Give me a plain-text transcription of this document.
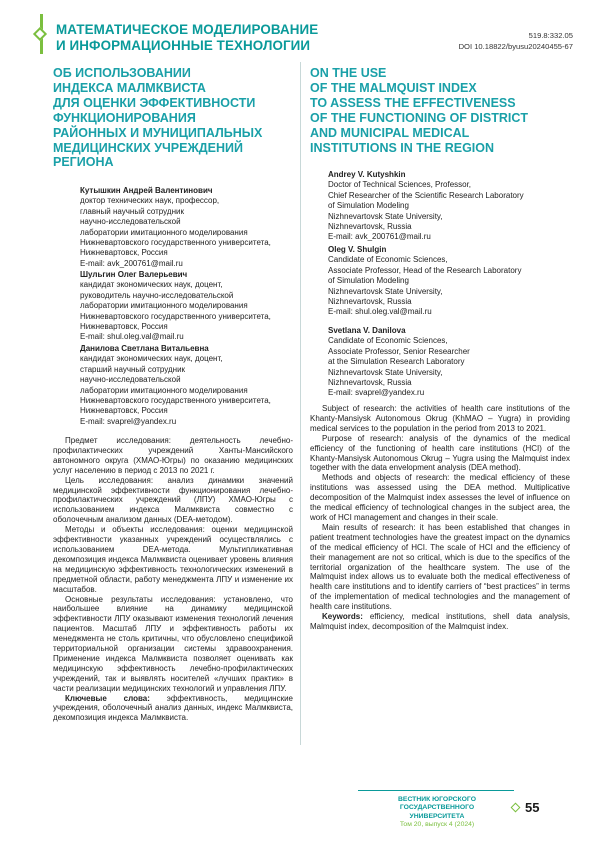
МАТЕМАТИЧЕСКОЕ МОДЕЛИРОВАНИЕ
И ИНФОРМАЦИОННЫЕ ТЕХНОЛОГИИ
519.8:332.05
DOI 10.18822/byusu20240455-67
ОБ ИСПОЛЬЗОВАНИИ
ИНДЕКСА МАЛМКВИСТА
ДЛЯ ОЦЕНКИ ЭФФЕКТИВНОСТИ
ФУНКЦИОНИРОВАНИЯ
РАЙОННЫХ И МУНИЦИПАЛЬНЫХ
МЕДИЦИНСКИХ УЧРЕЖДЕНИЙ
РЕГИОНА
ON THE USE
OF THE MALMQUIST INDEX
TO ASSESS THE EFFECTIVENESS
OF THE FUNCTIONING OF DISTRICT
AND MUNICIPAL MEDICAL
INSTITUTIONS IN THE REGION
Кутышкин Андрей Валентинович
доктор технических наук, профессор,
главный научный сотрудник
научно-исследовательской
лаборатории имитационного моделирования
Нижневартовского государственного университета,
Нижневартовск, Россия
E-mail: avk_200761@mail.ru
Шульгин Олег Валерьевич
кандидат экономических наук, доцент,
руководитель научно-исследовательской
лаборатории имитационного моделирования
Нижневартовского государственного университета,
Нижневартовск, Россия
E-mail: shul.oleg.val@mail.ru
Данилова Светлана Витальевна
кандидат экономических наук, доцент,
старший научный сотрудник
научно-исследовательской
лаборатории имитационного моделирования
Нижневартовского государственного университета,
Нижневартовск, Россия
E-mail: svaprel@yandex.ru
Andrey V. Kutyshkin
Doctor of Technical Sciences, Professor,
Chief Researcher of the Scientific Research Laboratory
of Simulation Modeling
Nizhnevartovsk State University,
Nizhnevartovsk, Russia
E-mail: avk_200761@mail.ru
Oleg V. Shulgin
Candidate of Economic Sciences,
Associate Professor, Head of the Research Laboratory
of Simulation Modeling
Nizhnevartovsk State University,
Nizhnevartovsk, Russia
E-mail: shul.oleg.val@mail.ru
Svetlana V. Danilova
Candidate of Economic Sciences,
Associate Professor, Senior Researcher
at the Simulation Research Laboratory
Nizhnevartovsk State University,
Nizhnevartovsk, Russia
E-mail: svaprel@yandex.ru

Предмет исследования: деятельность лечебно-профилактических учреждений Ханты-Мансийского автономного округа (ХМАО-Югры) по оказанию медицинских услуг населению в период с 2013 по 2021 г.

Цель исследования: анализ динамики значений медицинской эффективности функционирования лечебно-профилактических учреждений (ЛПУ) ХМАО-Югры с использованием индекса Малмквиста совместно с оболочечным анализом данных (DEA-методом).

Методы и объекты исследования: оценки медицинской эффективности указанных учреждений осуществлялись с использованием DEA-метода. Мультипликативная декомпозиция индекса Малмквиста оценивает уровень влияния на медицинскую эффективность технологических изменений в предметной области, работу менеджмента ЛПУ и изменение их масштабов.

Основные результаты исследования: установлено, что наибольшее влияние на динамику медицинской эффективности ЛПУ оказывают изменения технологий лечения пациентов. Масштаб ЛПУ и эффективность работы их менеджмента не столь критичны, что обусловлено спецификой территориальной организации системы здравоохранения. Применение индекса Малмквиста позволяет оценивать как медицинскую эффективность лечебно-профилактических учреждений, так и выявлять носителей «лучших практик» в части реализации медицинских технологий и управления ЛПУ.

Ключевые слова: эффективность, медицинские учреждения, оболочечный анализ данных, индекс Малмквиста, декомпозиция индекса Малмквиста.

Subject of research: the activities of health care institutions of the Khanty-Mansiysk Autonomous Okrug (KhMAO – Yugra) in providing medical services to the population in the period from 2013 to 2021.

Purpose of research: analysis of the dynamics of the medical efficiency of the functioning of health care institutions (HCI) of the Khanty-Mansiysk Autonomous Okrug – Yugra using the Malmquist index together with the data envelopment analysis (DEA method).

Methods and objects of research: the medical efficiency of these institutions was assessed using the DEA method. Multiplicative decomposition of the Malmquist index assesses the level of influence on the medical efficiency of technological changes in the subject area, the work of HCI management and changes in their scale.

Main results of research: it has been established that changes in patient treatment technologies have the greatest impact on the dynamics of the medical efficiency of HCI. The scale of HCI and the efficiency of their management are not so critical, which is due to the specifics of the territorial organization of the healthcare system. The use of the Malmquist index allows us to evaluate both the medical effectiveness of health care institutions and to identify carriers of “best practices” in terms of the implementation of medical technologies and the management of health care institutions.

Keywords: efficiency, medical institutions, shell data analysis, Malmquist index, decomposition of the Malmquist index.

ВЕСТНИК ЮГОРСКОГО
ГОСУДАРСТВЕННОГО УНИВЕРСИТЕТА
Том 20, выпуск 4 (2024)
55
